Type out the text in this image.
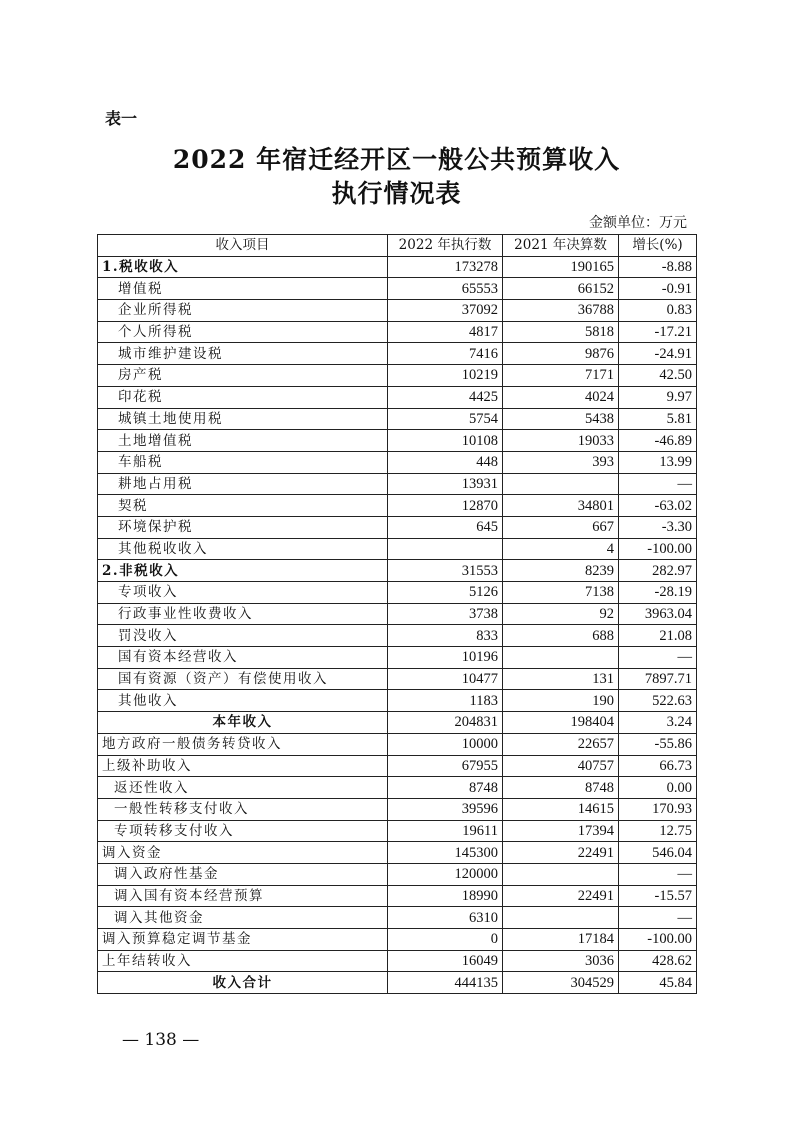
表一
2022 年宿迁经开区一般公共预算收入
执行情况表
金额单位：万元
收入项目	2022 年执行数	2021 年决算数	增长(%)
1.税收收入	173278	190165	-8.88
增值税	65553	66152	-0.91
企业所得税	37092	36788	0.83
个人所得税	4817	5818	-17.21
城市维护建设税	7416	9876	-24.91
房产税	10219	7171	42.50
印花税	4425	4024	9.97
城镇土地使用税	5754	5438	5.81
土地增值税	10108	19033	-46.89
车船税	448	393	13.99
耕地占用税	13931		—
契税	12870	34801	-63.02
环境保护税	645	667	-3.30
其他税收收入		4	-100.00
2.非税收入	31553	8239	282.97
专项收入	5126	7138	-28.19
行政事业性收费收入	3738	92	3963.04
罚没收入	833	688	21.08
国有资本经营收入	10196		—
国有资源（资产）有偿使用收入	10477	131	7897.71
其他收入	1183	190	522.63
本年收入	204831	198404	3.24
地方政府一般债务转贷收入	10000	22657	-55.86
上级补助收入	67955	40757	66.73
返还性收入	8748	8748	0.00
一般性转移支付收入	39596	14615	170.93
专项转移支付收入	19611	17394	12.75
调入资金	145300	22491	546.04
调入政府性基金	120000		—
调入国有资本经营预算	18990	22491	-15.57
调入其他资金	6310		—
调入预算稳定调节基金	0	17184	-100.00
上年结转收入	16049	3036	428.62
收入合计	444135	304529	45.84
— 138 —
